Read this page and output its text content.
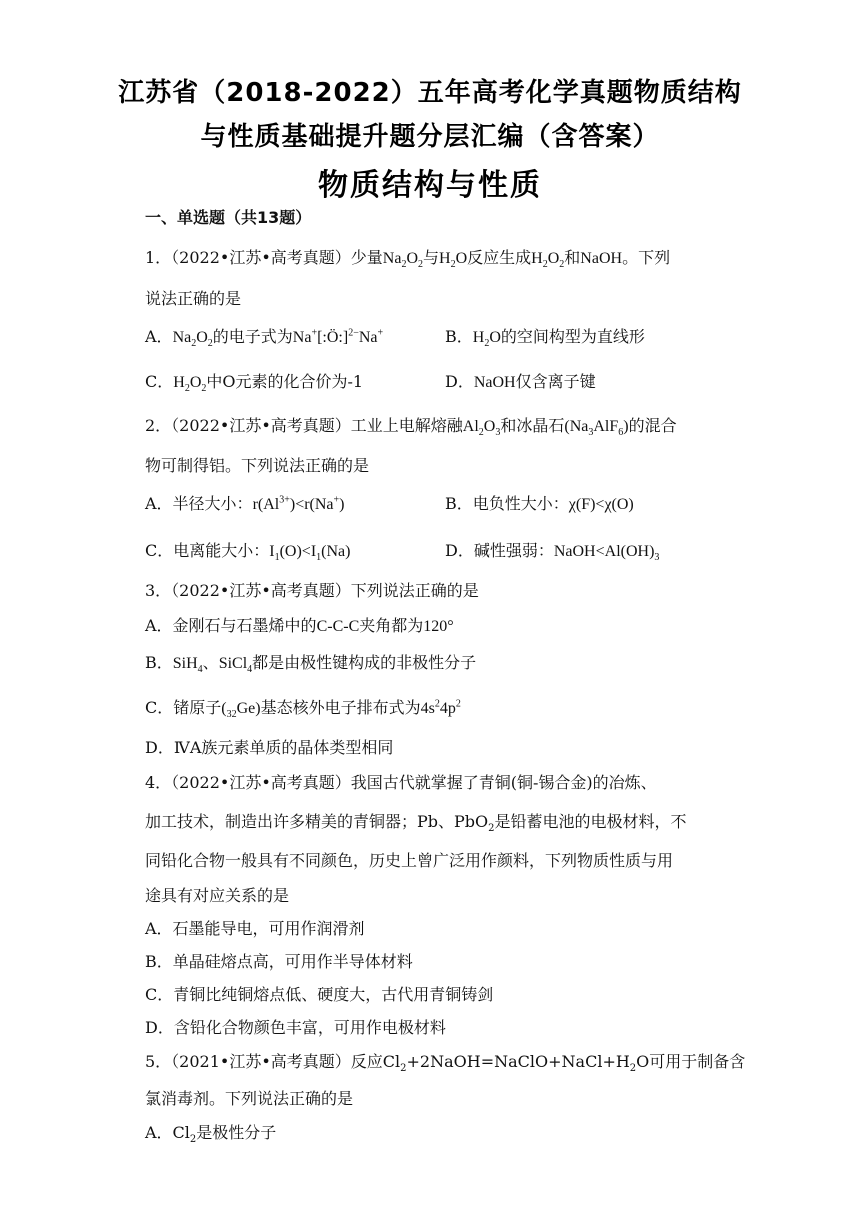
江苏省（2018-2022）五年高考化学真题物质结构
与性质基础提升题分层汇编（含答案）
物质结构与性质
一、单选题（共13题）
1．（2022•江苏•高考真题）少量$Na_2O_2$与$H_2O$反应生成$H_2O_2$和NaOH。下列
说法正确的是
A．$Na_2O_2$的电子式为Na+[:Ö:]$^{2-}$Na+	B．$H_2O$的空间构型为直线形
C．$H_2O_2$中O元素的化合价为-1	D．NaOH仅含离子键
2．（2022•江苏•高考真题）工业上电解熔融$Al_2O_3$和冰晶石$(Na_3AlF_6)$的混合
物可制得铝。下列说法正确的是
A．半径大小：$r(Al^{3+})<r(Na^+)$	B．电负性大小：χ(F)<χ(O)
C．电离能大小：$I_1(O)<I_1(Na)$	D．碱性强弱：$NaOH<Al(OH)_3$
3．（2022•江苏•高考真题）下列说法正确的是
A．金刚石与石墨烯中的C-C-C夹角都为120°
B．SiH$_4$、SiCl$_4$都是由极性键构成的非极性分子
C．锗原子$(_{32}Ge)$基态核外电子排布式为$4s^24p^2$
D．ⅣA族元素单质的晶体类型相同
4．（2022•江苏•高考真题）我国古代就掌握了青铜(铜-锡合金)的冶炼、
加工技术，制造出许多精美的青铜器；Pb、PbO$_2$是铅蓄电池的电极材料，不
同铅化合物一般具有不同颜色，历史上曾广泛用作颜料，下列物质性质与用
途具有对应关系的是
A．石墨能导电，可用作润滑剂
B．单晶硅熔点高，可用作半导体材料
C．青铜比纯铜熔点低、硬度大，古代用青铜铸剑
D．含铅化合物颜色丰富，可用作电极材料
5．（2021•江苏•高考真题）反应$Cl_2+2NaOH=NaClO+NaCl+H_2O$可用于制备含
氯消毒剂。下列说法正确的是
A．$Cl_2$是极性分子
